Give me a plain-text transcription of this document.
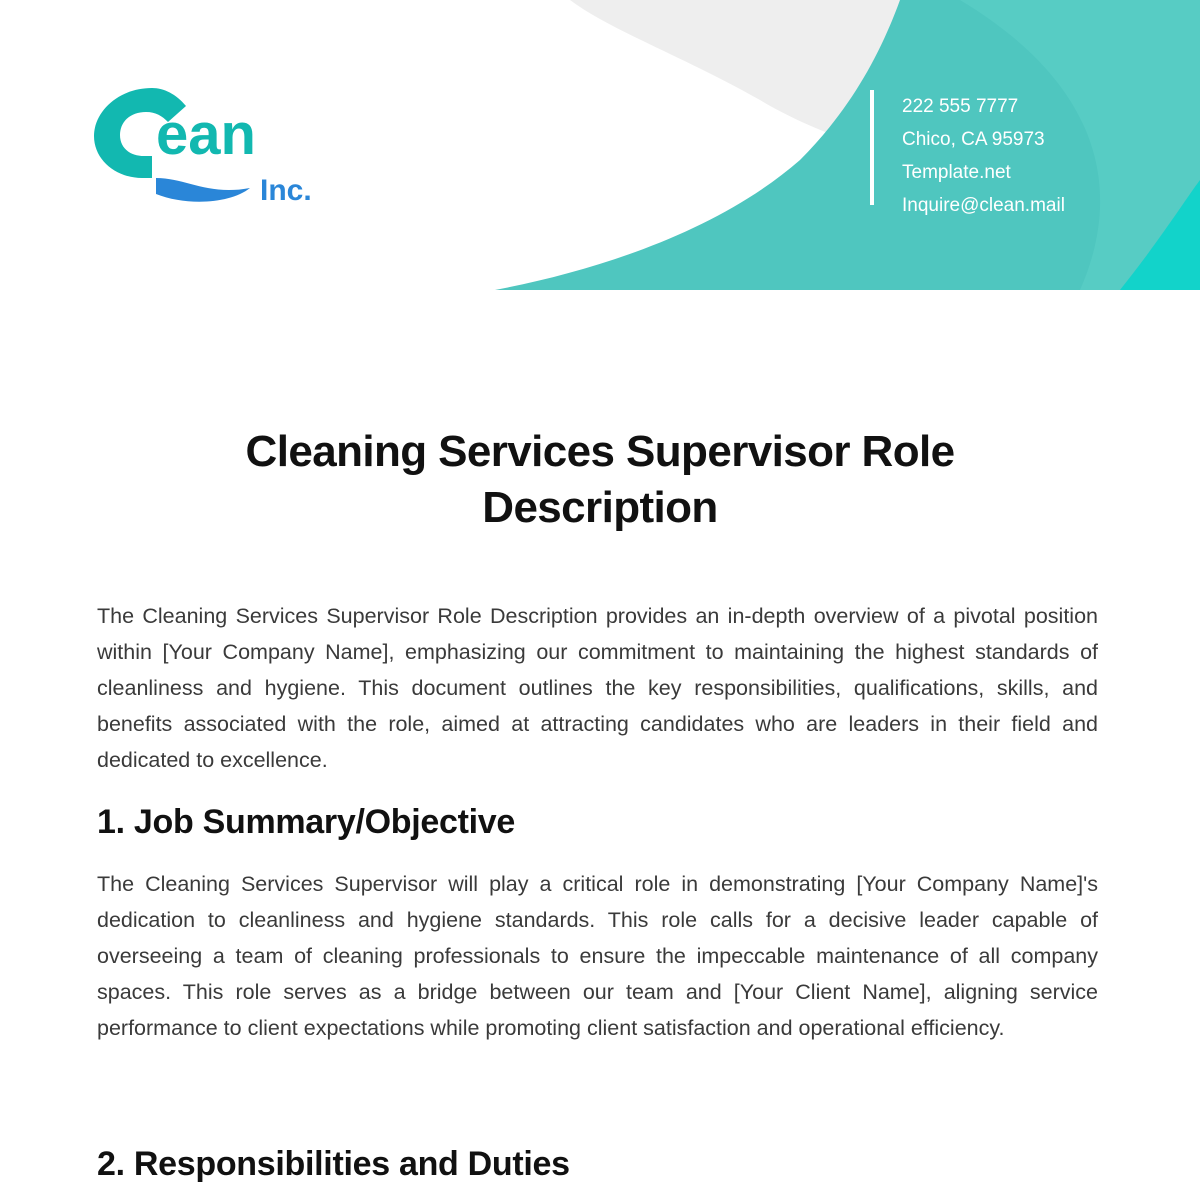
ean
Inc.
222 555 7777
Chico, CA 95973
Template.net
Inquire@clean.mail
Cleaning Services Supervisor Role Description

The Cleaning Services Supervisor Role Description provides an in-depth overview of a pivotal position within [Your Company Name], emphasizing our commitment to maintaining the highest standards of cleanliness and hygiene. This document outlines the key responsibilities, qualifications, skills, and benefits associated with the role, aimed at attracting candidates who are leaders in their field and dedicated to excellence.

1. Job Summary/Objective

The Cleaning Services Supervisor will play a critical role in demonstrating [Your Company Name]'s dedication to cleanliness and hygiene standards. This role calls for a decisive leader capable of overseeing a team of cleaning professionals to ensure the impeccable maintenance of all company spaces. This role serves as a bridge between our team and [Your Client Name], aligning service performance to client expectations while promoting client satisfaction and operational efficiency.

2. Responsibilities and Duties
